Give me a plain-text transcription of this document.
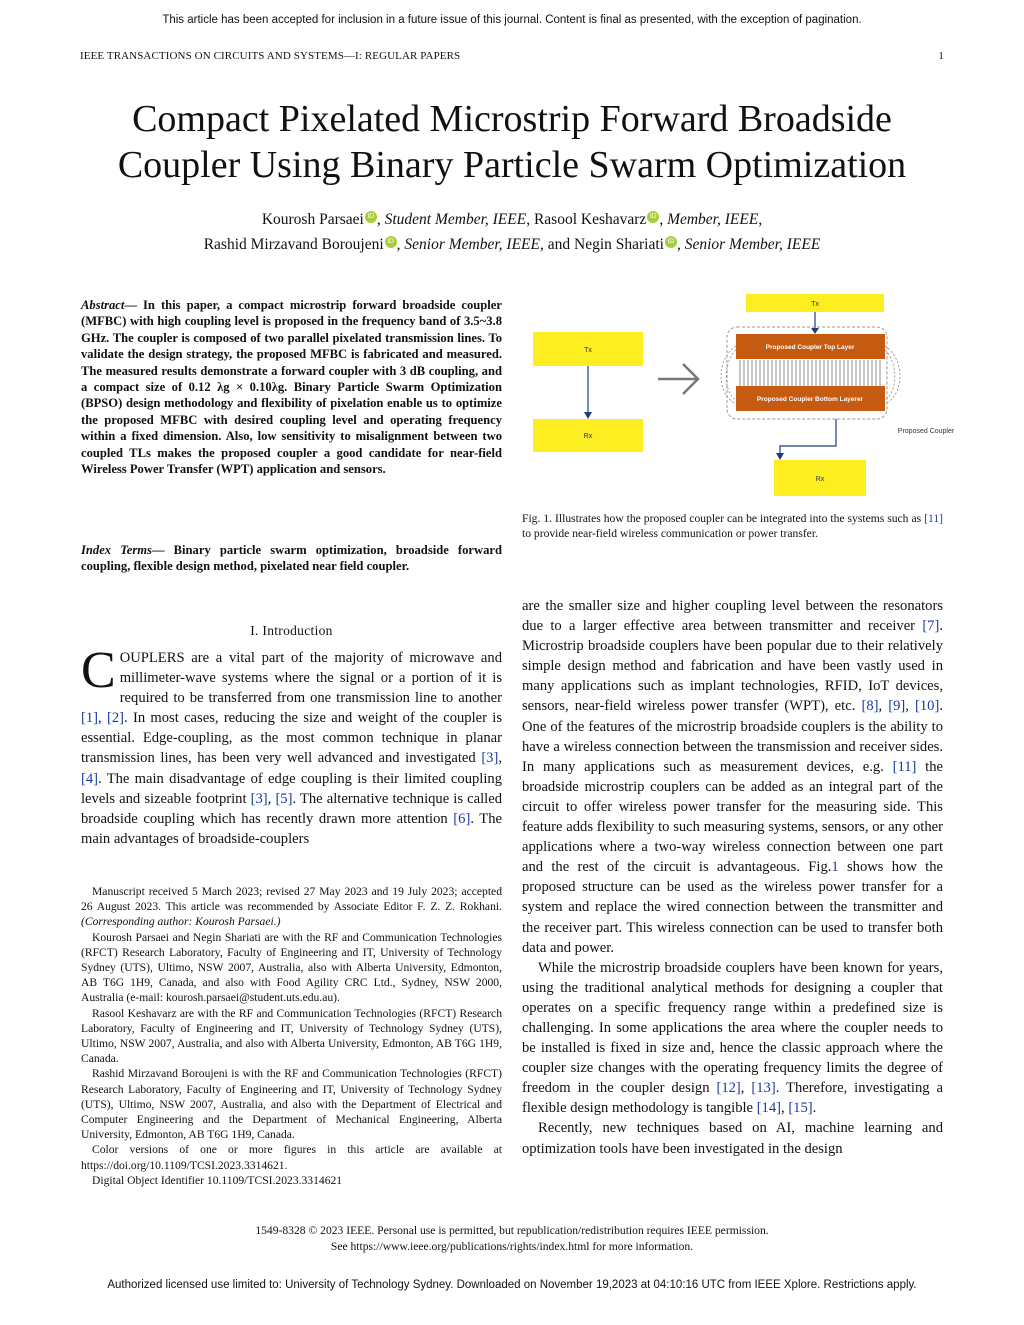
This article has been accepted for inclusion in a future issue of this journal. Content is final as presented, with the exception of pagination.
IEEE TRANSACTIONS ON CIRCUITS AND SYSTEMS—I: REGULAR PAPERS	1
Compact Pixelated Microstrip Forward Broadside
Coupler Using Binary Particle Swarm Optimization
Kourosh Parsaei iD , Student Member, IEEE, Rasool Keshavarz iD , Member, IEEE,
Rashid Mirzavand Boroujeni iD , Senior Member, IEEE, and Negin Shariati iD , Senior Member, IEEE
Abstract— In this paper, a compact microstrip forward broadside coupler (MFBC) with high coupling level is proposed in the frequency band of 3.5~3.8 GHz. The coupler is composed of two parallel pixelated transmission lines. To validate the design strategy, the proposed MFBC is fabricated and measured. The measured results demonstrate a forward coupler with 3 dB coupling, and a compact size of 0.12 λg × 0.10λg. Binary Particle Swarm Optimization (BPSO) design methodology and flexibility of pixelation enable us to optimize the proposed MFBC with desired coupling level and operating frequency within a fixed dimension. Also, low sensitivity to misalignment between two coupled TLs makes the proposed coupler a good candidate for near-field Wireless Power Transfer (WPT) application and sensors.
Index Terms— Binary particle swarm optimization, broadside forward coupling, flexible design method, pixelated near field coupler.
I. Introduction
COUPLERS are a vital part of the majority of microwave and millimeter-wave systems where the signal or a portion of it is required to be transferred from one transmission line to another [1], [2]. In most cases, reducing the size and weight of the coupler is essential. Edge-coupling, as the most common technique in planar transmission lines, has been very well advanced and investigated [3], [4]. The main disadvantage of edge coupling is their limited coupling levels and sizeable footprint [3], [5]. The alternative technique is called broadside coupling which has recently drawn more attention [6]. The main advantages of broadside-couplers

Manuscript received 5 March 2023; revised 27 May 2023 and 19 July 2023; accepted 26 August 2023. This article was recommended by Associate Editor F. Z. Z. Rokhani. (Corresponding author: Kourosh Parsaei.)

Kourosh Parsaei and Negin Shariati are with the RF and Communication Technologies (RFCT) Research Laboratory, Faculty of Engineering and IT, University of Technology Sydney (UTS), Ultimo, NSW 2007, Australia, also with Alberta University, Edmonton, AB T6G 1H9, Canada, and also with Food Agility CRC Ltd., Sydney, NSW 2000, Australia (e-mail: kourosh.parsaei@student.uts.edu.au).

Rasool Keshavarz are with the RF and Communication Technologies (RFCT) Research Laboratory, Faculty of Engineering and IT, University of Technology Sydney (UTS), Ultimo, NSW 2007, Australia, and also with Alberta University, Edmonton, AB T6G 1H9, Canada.

Rashid Mirzavand Boroujeni is with the RF and Communication Technologies (RFCT) Research Laboratory, Faculty of Engineering and IT, University of Technology Sydney (UTS), Ultimo, NSW 2007, Australia, and also with the Department of Electrical and Computer Engineering and the Department of Mechanical Engineering, Alberta University, Edmonton, AB T6G 1H9, Canada.

Color versions of one or more figures in this article are available at https://doi.org/10.1109/TCSI.2023.3314621.

Digital Object Identifier 10.1109/TCSI.2023.3314621

Tx
Rx
Tx
Proposed Coupler Top Layer
Proposed Coupler Bottom Layerer
Proposed Coupler
Rx
Fig. 1. Illustrates how the proposed coupler can be integrated into the systems such as [11] to provide near-field wireless communication or power transfer.

are the smaller size and higher coupling level between the resonators due to a larger effective area between transmitter and receiver [7]. Microstrip broadside couplers have been popular due to their relatively simple design method and fabrication and have been vastly used in many applications such as implant technologies, RFID, IoT devices, sensors, near-field wireless power transfer (WPT), etc. [8], [9], [10]. One of the features of the microstrip broadside couplers is the ability to have a wireless connection between the transmission and receiver sides. In many applications such as measurement devices, e.g. [11] the broadside microstrip couplers can be added as an integral part of the circuit to offer wireless power transfer for the measuring side. This feature adds flexibility to such measuring systems, sensors, or any other applications where a two-way wireless connection between one part and the rest of the circuit is advantageous. Fig.1 shows how the proposed structure can be used as the wireless power transfer for a system and replace the wired connection between the transmitter and the receiver part. This wireless connection can be used to transfer both data and power.

While the microstrip broadside couplers have been known for years, using the traditional analytical methods for designing a coupler that operates on a specific frequency range within a predefined size is challenging. In some applications the area where the coupler needs to be installed is fixed in size and, hence the classic approach where the coupler size changes with the operating frequency limits the degree of freedom in the coupler design [12], [13]. Therefore, investigating a flexible design methodology is tangible [14], [15].

Recently, new techniques based on AI, machine learning and optimization tools have been investigated in the design

1549-8328 © 2023 IEEE. Personal use is permitted, but republication/redistribution requires IEEE permission.
See https://www.ieee.org/publications/rights/index.html for more information.
Authorized licensed use limited to: University of Technology Sydney. Downloaded on November 19,2023 at 04:10:16 UTC from IEEE Xplore. Restrictions apply.
